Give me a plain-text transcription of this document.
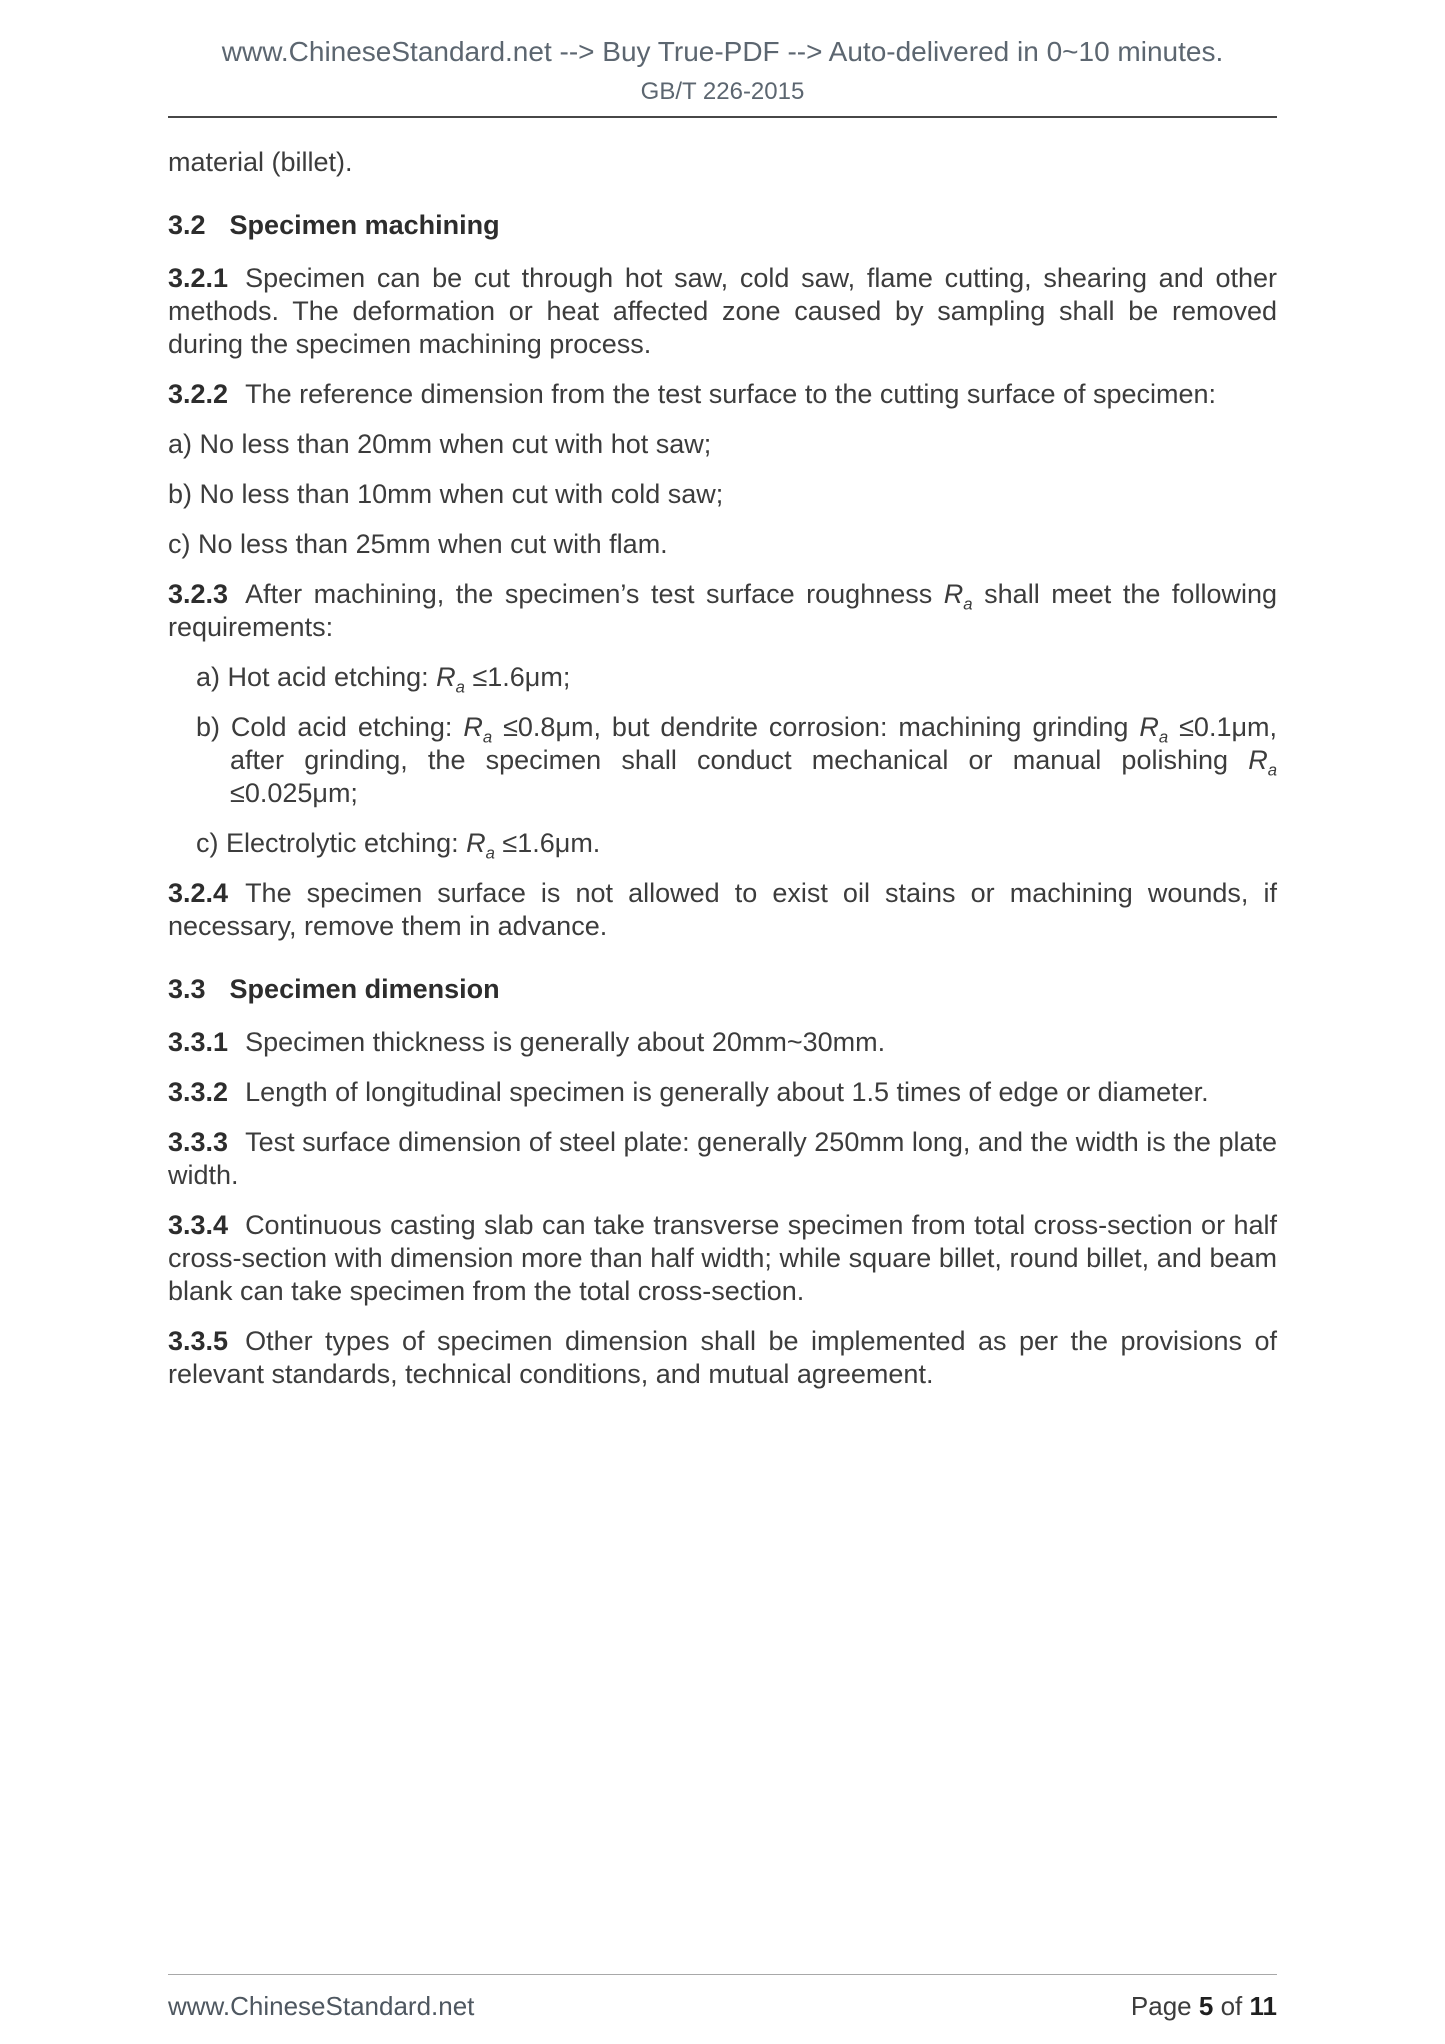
www.ChineseStandard.net --> Buy True-PDF --> Auto-delivered in 0~10 minutes.
GB/T 226-2015

material (billet).

3.2 Specimen machining

3.2.1 Specimen can be cut through hot saw, cold saw, flame cutting, shearing and other methods. The deformation or heat affected zone caused by sampling shall be removed during the specimen machining process.

3.2.2 The reference dimension from the test surface to the cutting surface of specimen:

a) No less than 20mm when cut with hot saw;

b) No less than 10mm when cut with cold saw;

c) No less than 25mm when cut with flam.

3.2.3 After machining, the specimen’s test surface roughness $R_a$ shall meet the following requirements:

a) Hot acid etching: $R_a \le 1.6\mu m$;

b) Cold acid etching: $R_a \le 0.8\mu m$, but dendrite corrosion: machining grinding $R_a \le 0.1\mu m$, after grinding, the specimen shall conduct mechanical or manual polishing $R_a \le 0.025\mu m$;

c) Electrolytic etching: $R_a \le 1.6\mu m$.

3.2.4 The specimen surface is not allowed to exist oil stains or machining wounds, if necessary, remove them in advance.

3.3 Specimen dimension

3.3.1 Specimen thickness is generally about 20mm~30mm.

3.3.2 Length of longitudinal specimen is generally about 1.5 times of edge or diameter.

3.3.3 Test surface dimension of steel plate: generally 250mm long, and the width is the plate width.

3.3.4 Continuous casting slab can take transverse specimen from total cross-section or half cross-section with dimension more than half width; while square billet, round billet, and beam blank can take specimen from the total cross-section.

3.3.5 Other types of specimen dimension shall be implemented as per the provisions of relevant standards, technical conditions, and mutual agreement.

www.ChineseStandard.net	Page 5 of 11
